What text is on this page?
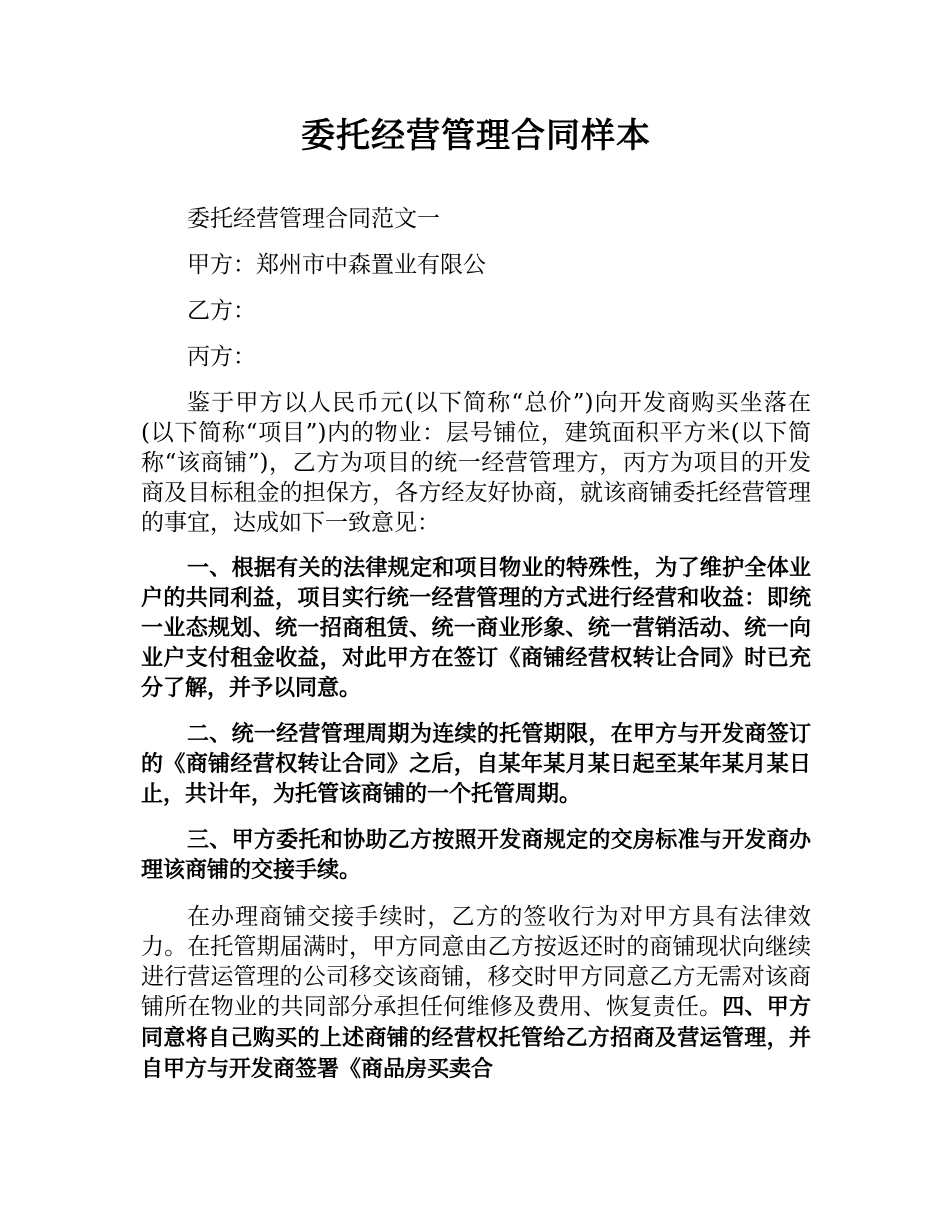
委托经营管理合同样本

委托经营管理合同范文一

甲方：郑州市中森置业有限公

乙方：

丙方：

鉴于甲方以人民币元(以下简称“总价”)向开发商购买坐落在(以下简称“项目”)内的物业：层号铺位，建筑面积平方米(以下简称“该商铺”)，乙方为项目的统一经营管理方，丙方为项目的开发商及目标租金的担保方，各方经友好协商，就该商铺委托经营管理的事宜，达成如下一致意见：

一、根据有关的法律规定和项目物业的特殊性，为了维护全体业户的共同利益，项目实行统一经营管理的方式进行经营和收益：即统一业态规划、统一招商租赁、统一商业形象、统一营销活动、统一向业户支付租金收益，对此甲方在签订《商铺经营权转让合同》时已充分了解，并予以同意。

二、统一经营管理周期为连续的托管期限，在甲方与开发商签订的《商铺经营权转让合同》之后，自某年某月某日起至某年某月某日止，共计年，为托管该商铺的一个托管周期。

三、甲方委托和协助乙方按照开发商规定的交房标准与开发商办理该商铺的交接手续。

在办理商铺交接手续时，乙方的签收行为对甲方具有法律效力。在托管期届满时，甲方同意由乙方按返还时的商铺现状向继续进行营运管理的公司移交该商铺，移交时甲方同意乙方无需对该商铺所在物业的共同部分承担任何维修及费用、恢复责任。四、甲方同意将自己购买的上述商铺的经营权托管给乙方招商及营运管理，并自甲方与开发商签署《商品房买卖合
